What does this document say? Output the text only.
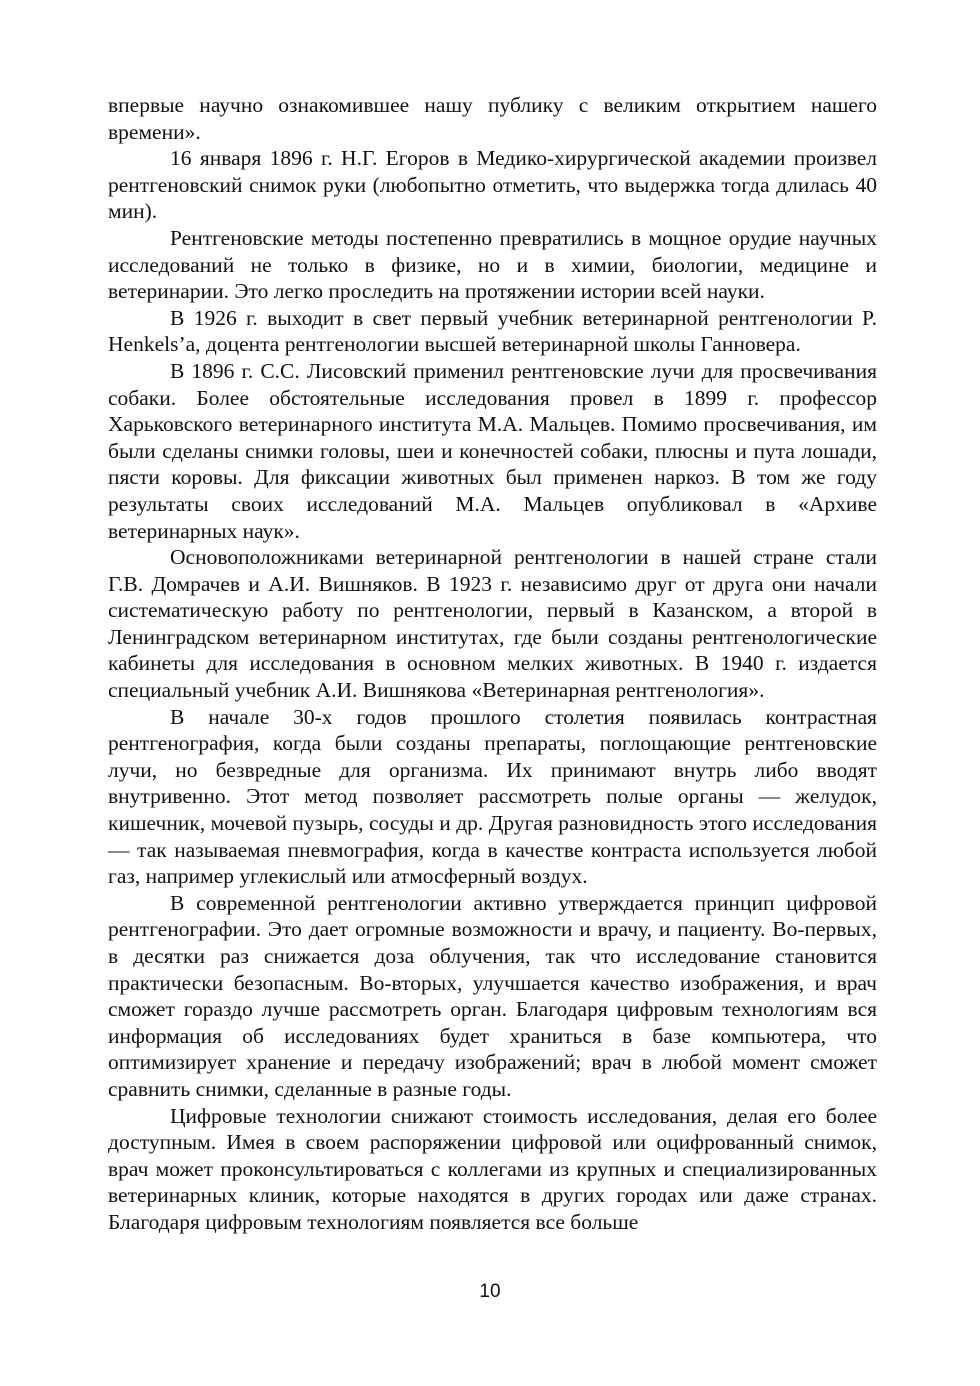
впервые научно ознакомившее нашу публику с великим открытием нашего времени».

16 января 1896 г. Н.Г. Егоров в Медико-хирургической академии произвел рентгеновский снимок руки (любопытно отметить, что выдержка тогда длилась 40 мин).

Рентгеновские методы постепенно превратились в мощное орудие научных исследований не только в физике, но и в химии, биологии, медицине и ветеринарии. Это легко проследить на протяжении истории всей науки.

В 1926 г. выходит в свет первый учебник ветеринарной рентгенологии P. Henkels’a, доцента рентгенологии высшей ветеринарной школы Ганновера.

В 1896 г. С.С. Лисовский применил рентгеновские лучи для просвечивания собаки. Более обстоятельные исследования провел в 1899 г. профессор Харьковского ветеринарного института М.А. Мальцев. Помимо просвечивания, им были сделаны снимки головы, шеи и конечностей собаки, плюсны и пута лошади, пясти коровы. Для фиксации животных был применен наркоз. В том же году результаты своих исследований М.А. Мальцев опубликовал в «Архиве ветеринарных наук».

Основоположниками ветеринарной рентгенологии в нашей стране стали Г.В. Домрачев и А.И. Вишняков. В 1923 г. независимо друг от друга они начали систематическую работу по рентгенологии, первый в Казанском, а второй в Ленинградском ветеринарном институтах, где были созданы рентгенологические кабинеты для исследования в основном мелких животных. В 1940 г. издается специальный учебник А.И. Вишнякова «Ветеринарная рентгенология».

В начале 30-х годов прошлого столетия появилась контрастная рентгенография, когда были созданы препараты, поглощающие рентгеновские лучи, но безвредные для организма. Их принимают внутрь либо вводят внутривенно. Этот метод позволяет рассмотреть полые органы — желудок, кишечник, мочевой пузырь, сосуды и др. Другая разновидность этого исследования — так называемая пневмография, когда в качестве контраста используется любой газ, например углекислый или атмосферный воздух.

В современной рентгенологии активно утверждается принцип цифровой рентгенографии. Это дает огромные возможности и врачу, и пациенту. Во-первых, в десятки раз снижается доза облучения, так что исследование становится практически безопасным. Во-вторых, улучшается качество изображения, и врач сможет гораздо лучше рассмотреть орган. Благодаря цифровым технологиям вся информация об исследованиях будет храниться в базе компьютера, что оптимизирует хранение и передачу изображений; врач в любой момент сможет сравнить снимки, сделанные в разные годы.

Цифровые технологии снижают стоимость исследования, делая его более доступным. Имея в своем распоряжении цифровой или оцифрованный снимок, врач может проконсультироваться с коллегами из крупных и специализированных ветеринарных клиник, которые находятся в других городах или даже странах. Благодаря цифровым технологиям появляется все больше

10
